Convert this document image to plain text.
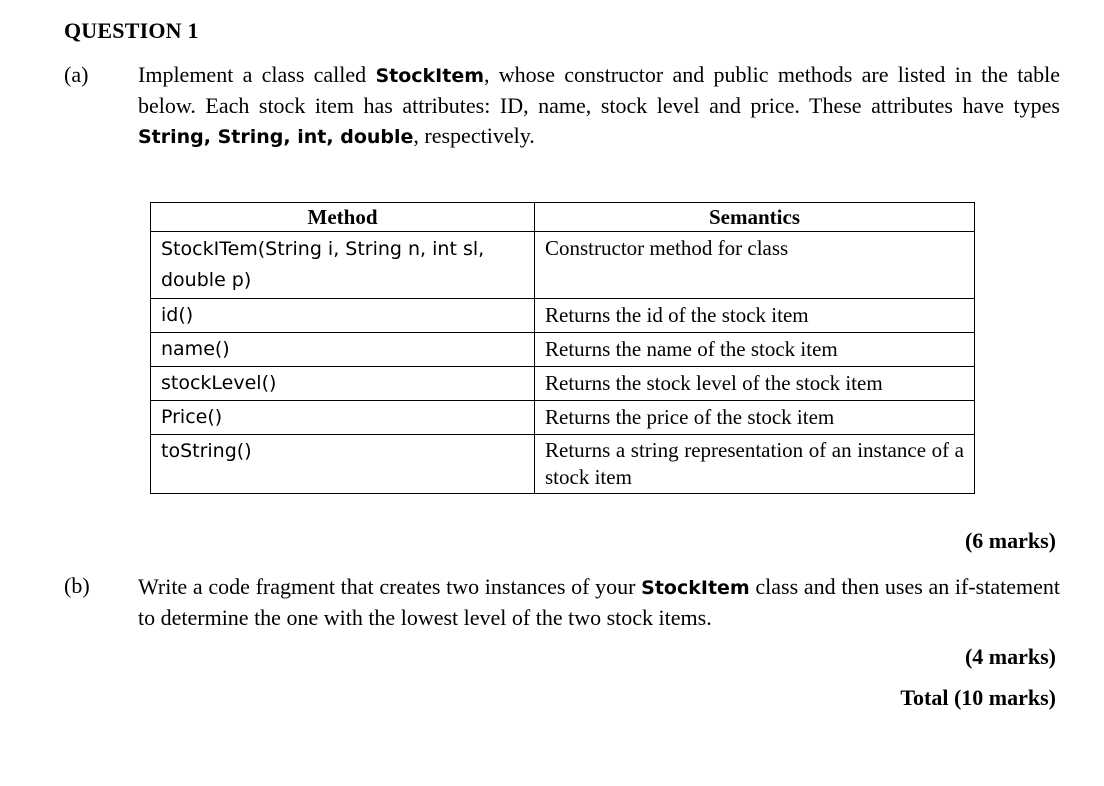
QUESTION 1
(a) Implement a class called StockItem, whose constructor and public methods are listed in the table below. Each stock item has attributes: ID, name, stock level and price. These attributes have types String, String, int, double, respectively.
Method	Semantics
StockITem(String i, String n, int sl, double p)	Constructor method for class
id()	Returns the id of the stock item
name()	Returns the name of the stock item
stockLevel()	Returns the stock level of the stock item
Price()	Returns the price of the stock item
toString()	Returns a string representation of an instance of a stock item
(6 marks)
(b) Write a code fragment that creates two instances of your StockItem class and then uses an if-statement to determine the one with the lowest level of the two stock items.
(4 marks)
Total (10 marks)
